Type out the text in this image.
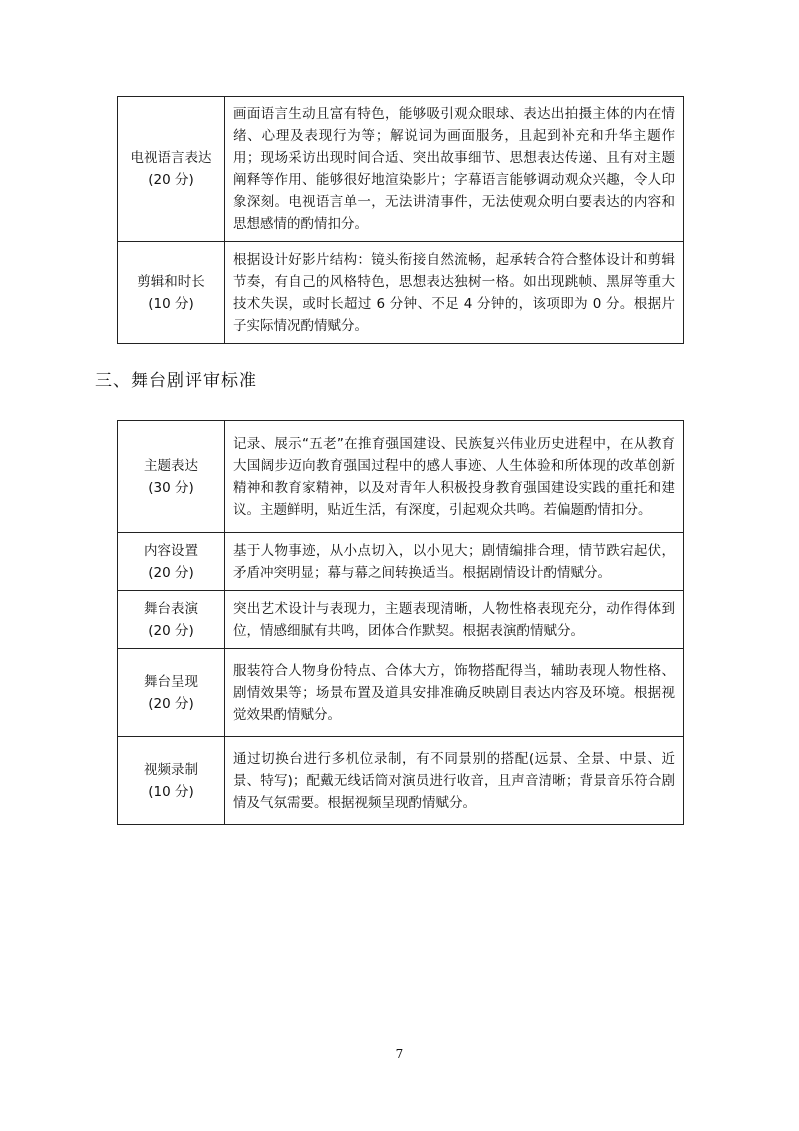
电视语言表达
(20 分)	画面语言生动且富有特色，能够吸引观众眼球、表达出拍摄主体的内在情绪、心理及表现行为等；解说词为画面服务，且起到补充和升华主题作用；现场采访出现时间合适、突出故事细节、思想表达传递、且有对主题阐释等作用、能够很好地渲染影片；字幕语言能够调动观众兴趣，令人印象深刻。电视语言单一，无法讲清事件，无法使观众明白要表达的内容和思想感情的酌情扣分。

剪辑和时长
(10 分)	根据设计好影片结构：镜头衔接自然流畅，起承转合符合整体设计和剪辑节奏，有自己的风格特色，思想表达独树一格。如出现跳帧、黑屏等重大技术失误，或时长超过 6 分钟、不足 4 分钟的，该项即为 0 分。根据片子实际情况酌情赋分。
三、舞台剧评审标准
主题表达
(30 分)	记录、展示“五老”在推育强国建设、民族复兴伟业历史进程中，在从教育大国阔步迈向教育强国过程中的感人事迹、人生体验和所体现的改革创新精神和教育家精神，以及对青年人积极投身教育强国建设实践的重托和建议。主题鲜明，贴近生活，有深度，引起观众共鸣。若偏题酌情扣分。

内容设置
(20 分)	基于人物事迹，从小点切入，以小见大；剧情编排合理，情节跌宕起伏，矛盾冲突明显；幕与幕之间转换适当。根据剧情设计酌情赋分。

舞台表演
(20 分)	突出艺术设计与表现力，主题表现清晰，人物性格表现充分，动作得体到位，情感细腻有共鸣，团体合作默契。根据表演酌情赋分。

舞台呈现
(20 分)	服装符合人物身份特点、合体大方，饰物搭配得当，辅助表现人物性格、剧情效果等；场景布置及道具安排准确反映剧目表达内容及环境。根据视觉效果酌情赋分。

视频录制
(10 分)	通过切换台进行多机位录制，有不同景别的搭配(远景、全景、中景、近景、特写)；配戴无线话筒对演员进行收音，且声音清晰；背景音乐符合剧情及气氛需要。根据视频呈现酌情赋分。
7
